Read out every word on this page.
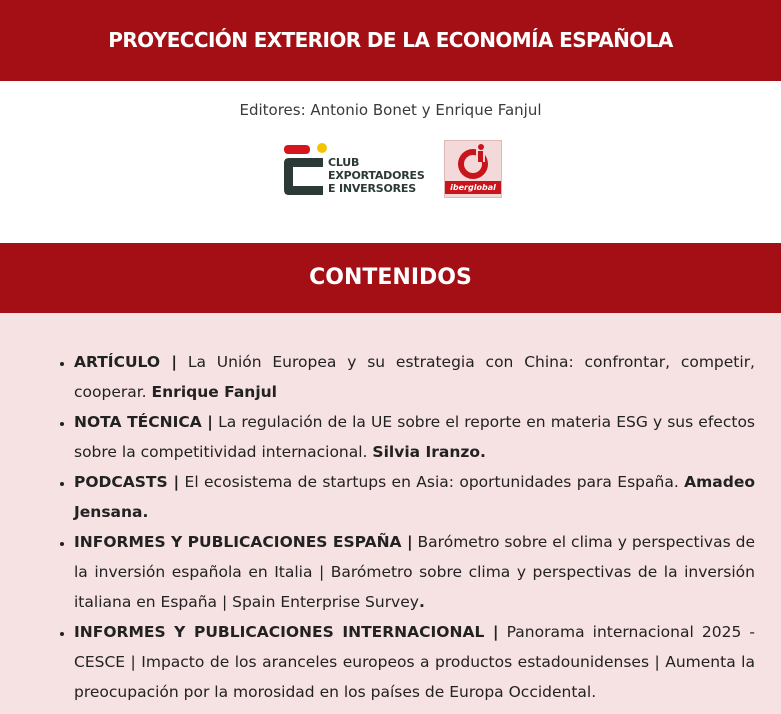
PROYECCIÓN EXTERIOR DE LA ECONOMÍA ESPAÑOLA
Editores: Antonio Bonet y Enrique Fanjul
CLUB
EXPORTADORES
E INVERSORES	iberglobal
CONTENIDOS
• ARTÍCULO | La Unión Europea y su estrategia con China: confrontar, competir, cooperar. Enrique Fanjul
• NOTA TÉCNICA | La regulación de la UE sobre el reporte en materia ESG y sus efectos sobre la competitividad internacional. Silvia Iranzo.
• PODCASTS | El ecosistema de startups en Asia: oportunidades para España. Amadeo Jensana.
• INFORMES Y PUBLICACIONES ESPAÑA | Barómetro sobre el clima y perspectivas de la inversión española en Italia | Barómetro sobre clima y perspectivas de la inversión italiana en España | Spain Enterprise Survey.
• INFORMES Y PUBLICACIONES INTERNACIONAL | Panorama internacional 2025 -CESCE | Impacto de los aranceles europeos a productos estadounidenses | Aumenta la preocupación por la morosidad en los países de Europa Occidental.
